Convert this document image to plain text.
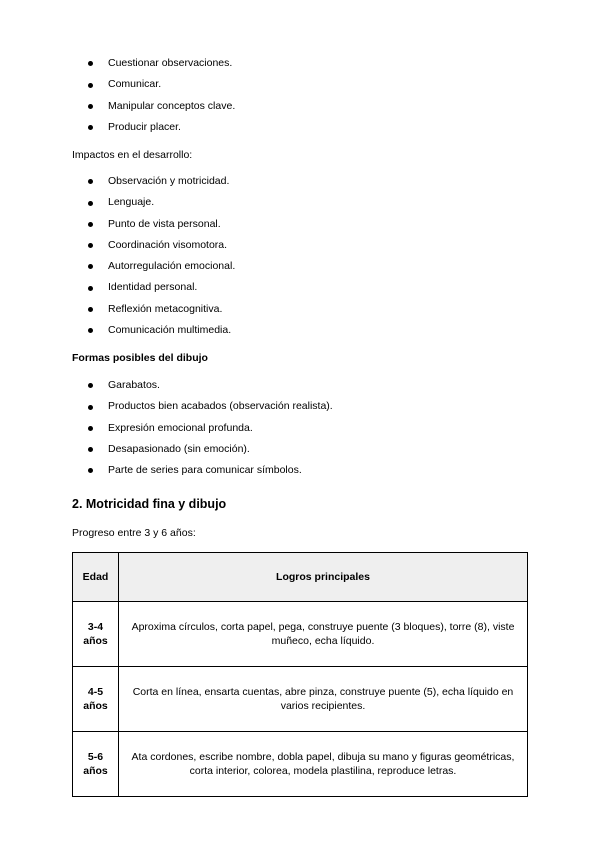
Cuestionar observaciones.
Comunicar.
Manipular conceptos clave.
Producir placer.
Impactos en el desarrollo:
Observación y motricidad.
Lenguaje.
Punto de vista personal.
Coordinación visomotora.
Autorregulación emocional.
Identidad personal.
Reflexión metacognitiva.
Comunicación multimedia.
Formas posibles del dibujo
Garabatos.
Productos bien acabados (observación realista).
Expresión emocional profunda.
Desapasionado (sin emoción).
Parte de series para comunicar símbolos.
2. Motricidad fina y dibujo
Progreso entre 3 y 6 años:
Edad	Logros principales
3-4
años	Aproxima círculos, corta papel, pega, construye puente (3 bloques), torre (8), viste muñeco, echa líquido.
4-5
años	Corta en línea, ensarta cuentas, abre pinza, construye puente (5), echa líquido en varios recipientes.
5-6
años	Ata cordones, escribe nombre, dobla papel, dibuja su mano y figuras geométricas, corta interior, colorea, modela plastilina, reproduce letras.
